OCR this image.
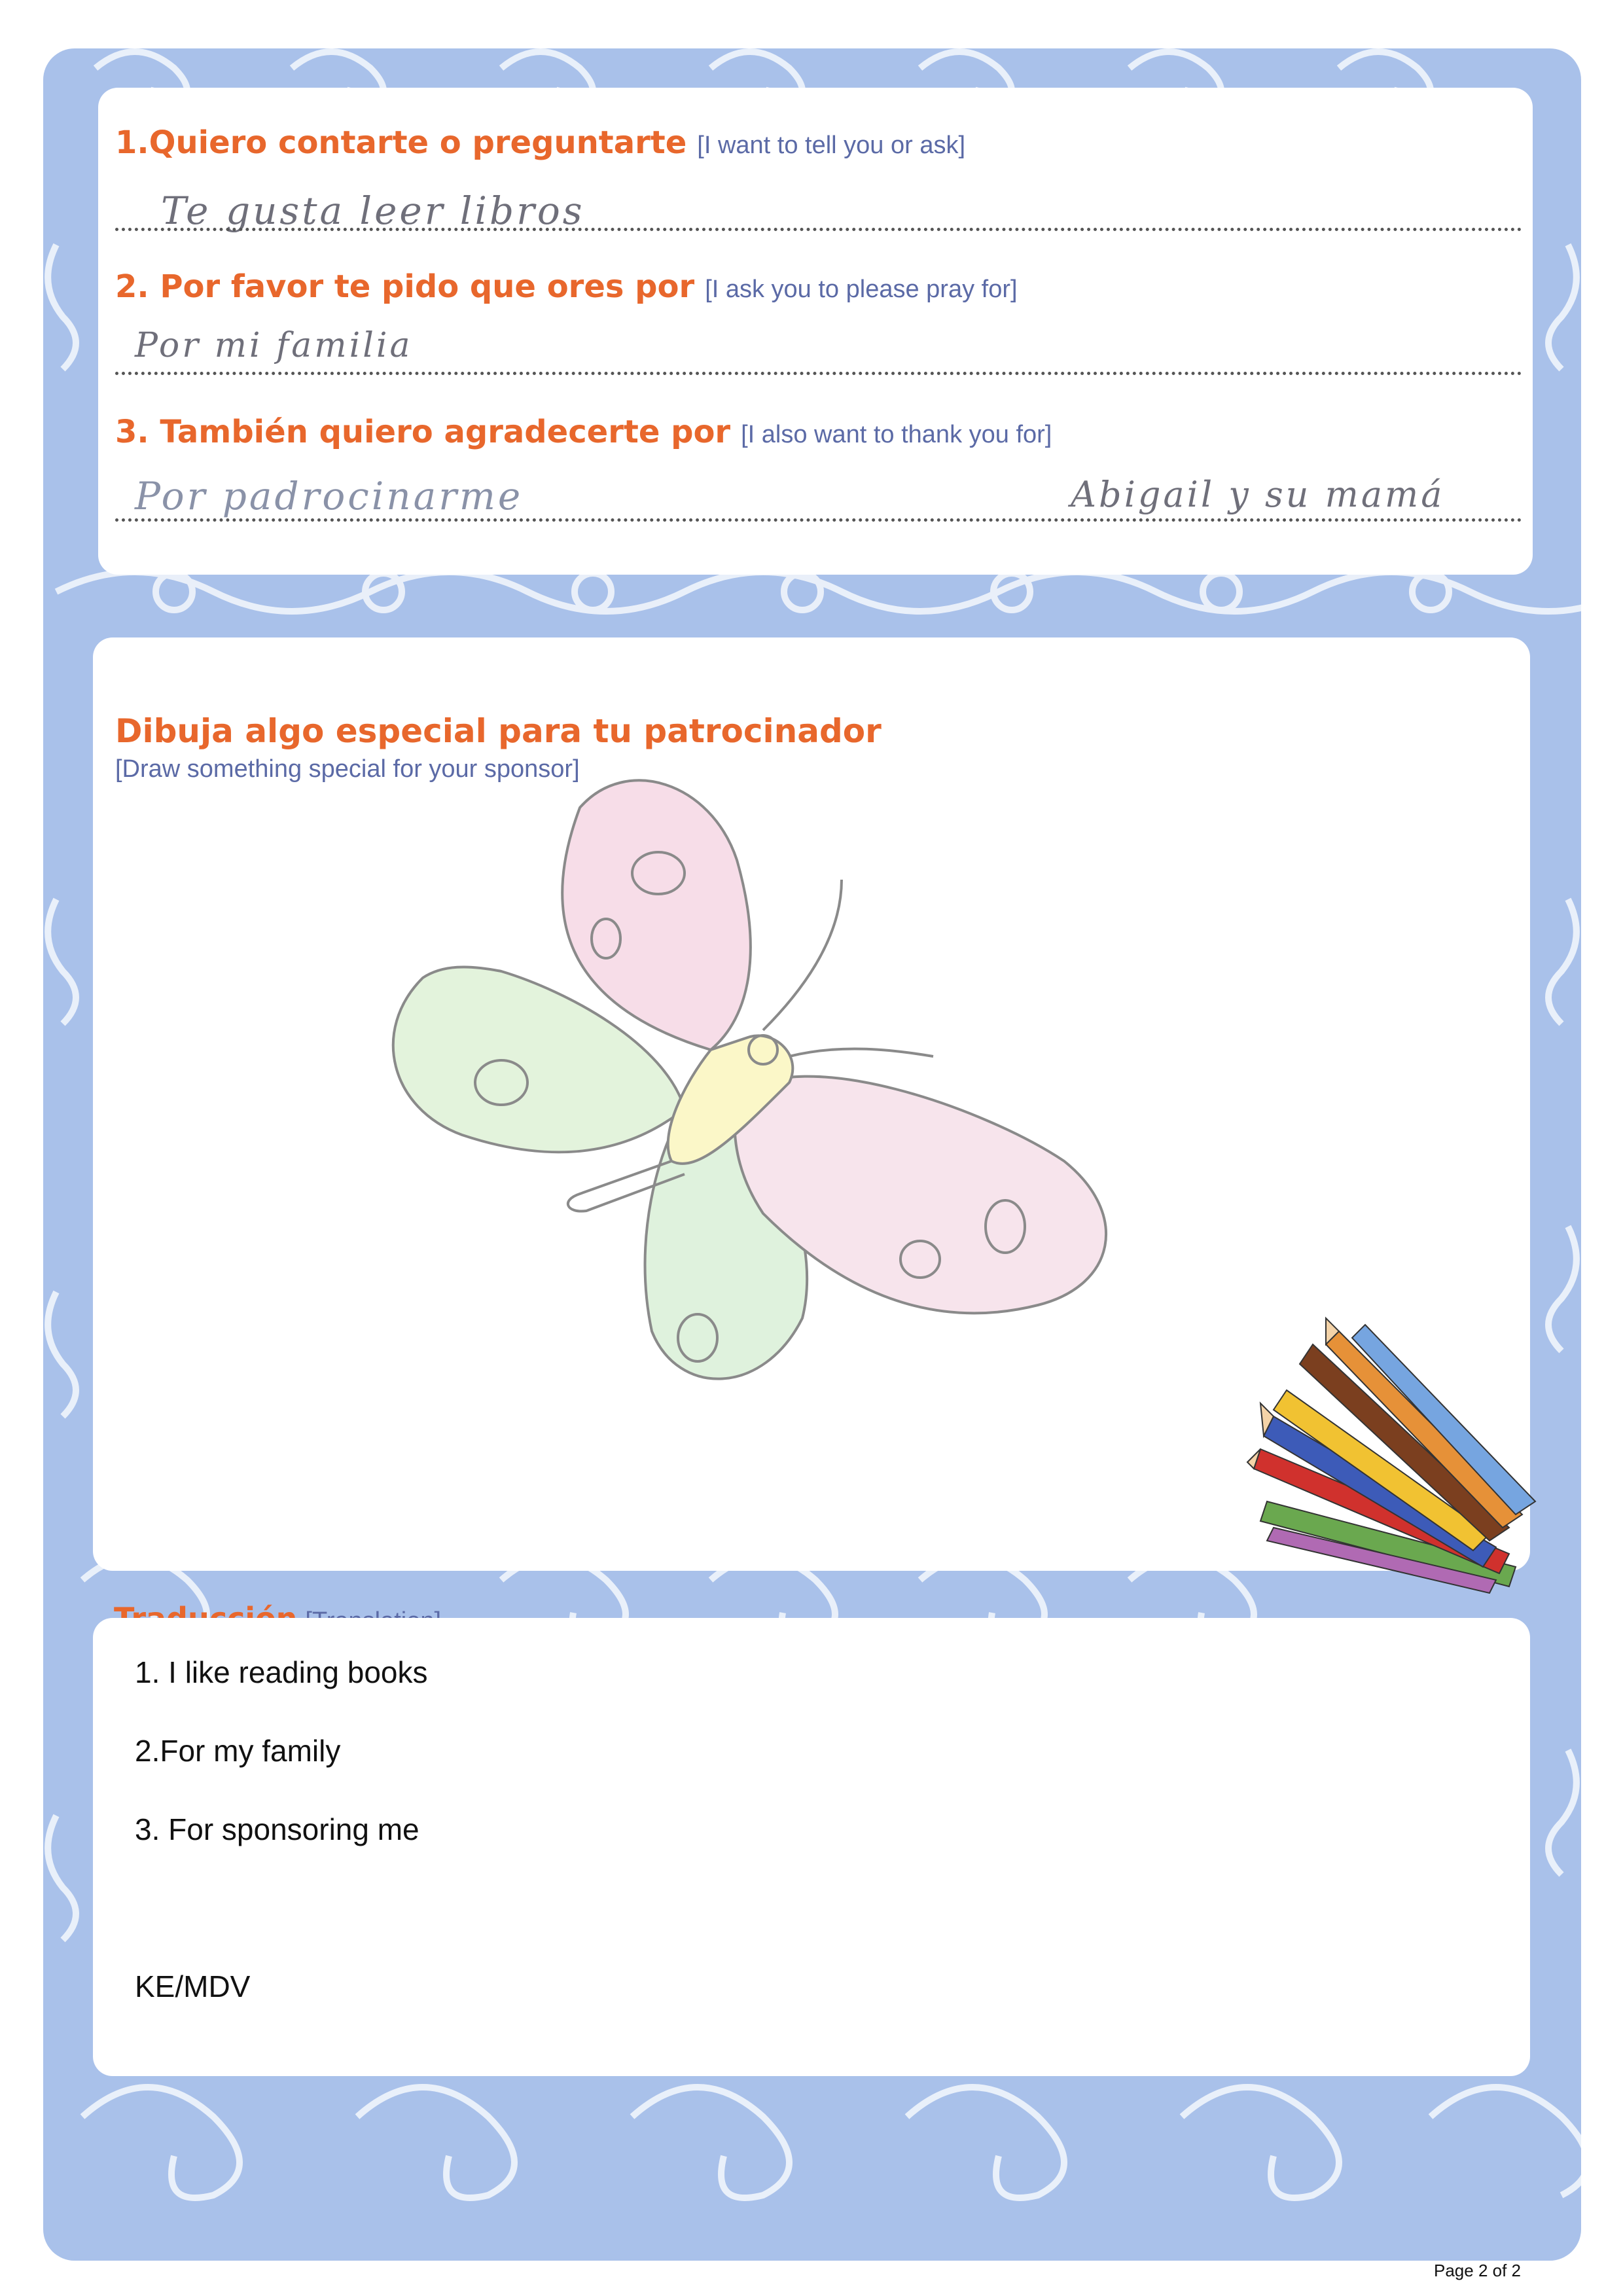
1.Quiero contarte o preguntarte [I want to tell you or ask]
Te gusta leer libros
2. Por favor te pido que ores por [I ask you to please pray for]
Por mi familia
3. También quiero agradecerte por [I also want to thank you for]
Por padrocinarme	Abigail y su mamá
Dibuja algo especial para tu patrocinador
[Draw something special for your sponsor]
1. I like reading books
2.For my family
3. For sponsoring me
KE/MDV
Page 2 of 2
